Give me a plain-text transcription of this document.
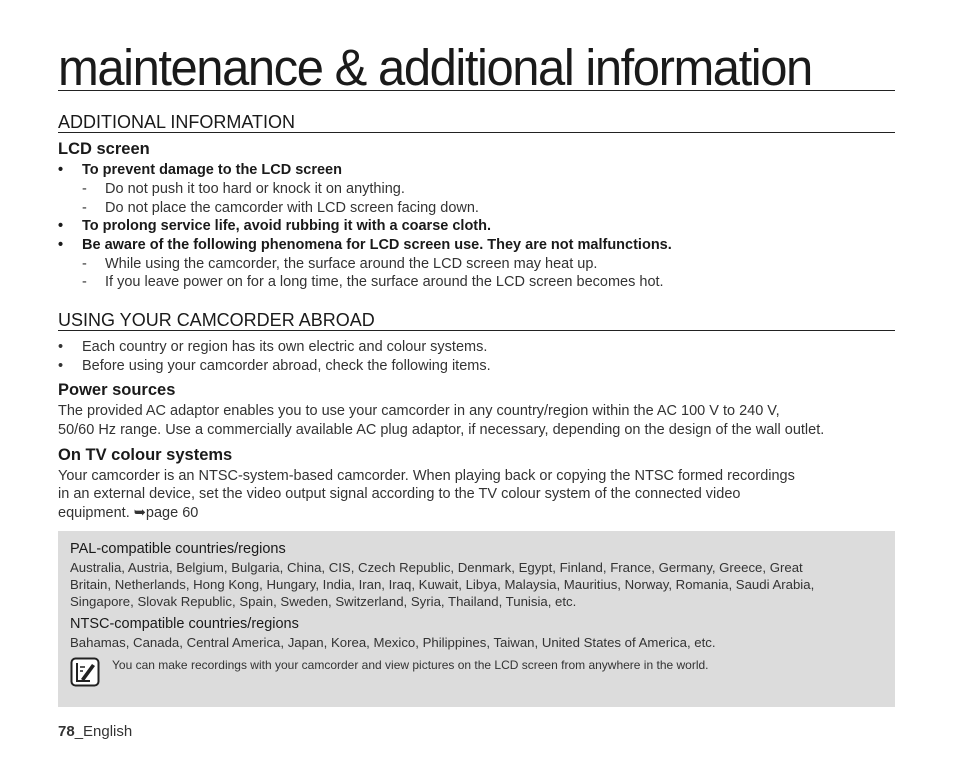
maintenance & additional information
ADDITIONAL INFORMATION
LCD screen
• To prevent damage to the LCD screen
- Do not push it too hard or knock it on anything.
- Do not place the camcorder with LCD screen facing down.
• To prolong service life, avoid rubbing it with a coarse cloth.
• Be aware of the following phenomena for LCD screen use. They are not malfunctions.
- While using the camcorder, the surface around the LCD screen may heat up.
- If you leave power on for a long time, the surface around the LCD screen becomes hot.
USING YOUR CAMCORDER ABROAD
• Each country or region has its own electric and colour systems.
• Before using your camcorder abroad, check the following items.
Power sources
The provided AC adaptor enables you to use your camcorder in any country/region within the AC 100 V to 240 V,
50/60 Hz range. Use a commercially available AC plug adaptor, if necessary, depending on the design of the wall outlet.
On TV colour systems
Your camcorder is an NTSC-system-based camcorder. When playing back or copying the NTSC formed recordings
in an external device, set the video output signal according to the TV colour system of the connected video
equipment. ➥page 60
PAL-compatible countries/regions
Australia, Austria, Belgium, Bulgaria, China, CIS, Czech Republic, Denmark, Egypt, Finland, France, Germany, Greece, Great
Britain, Netherlands, Hong Kong, Hungary, India, Iran, Iraq, Kuwait, Libya, Malaysia, Mauritius, Norway, Romania, Saudi Arabia,
Singapore, Slovak Republic, Spain, Sweden, Switzerland, Syria, Thailand, Tunisia, etc.
NTSC-compatible countries/regions
Bahamas, Canada, Central America, Japan, Korea, Mexico, Philippines, Taiwan, United States of America, etc.
You can make recordings with your camcorder and view pictures on the LCD screen from anywhere in the world.
78_English
